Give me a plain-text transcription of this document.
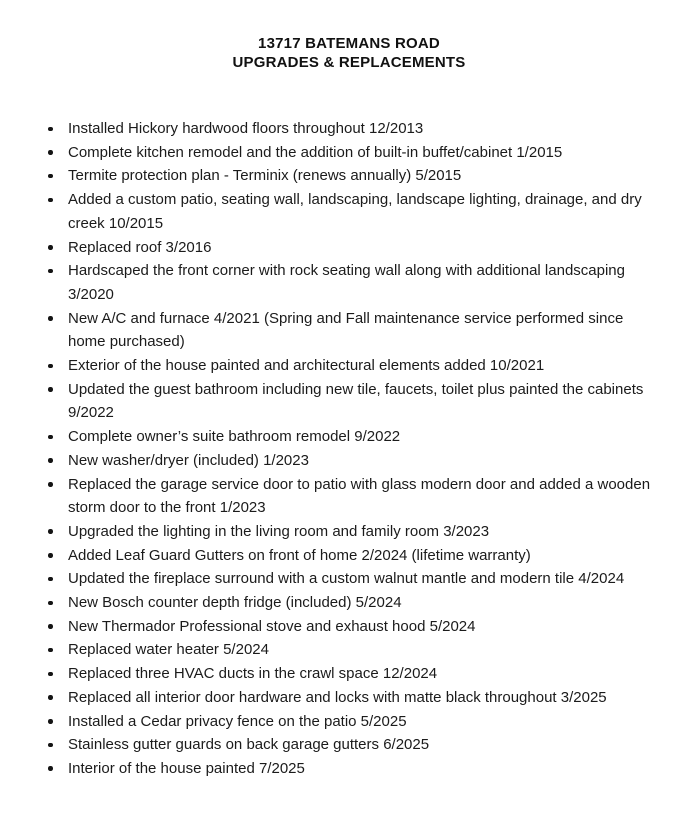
13717 BATEMANS ROAD
UPGRADES & REPLACEMENTS
Installed Hickory hardwood floors throughout 12/2013
Complete kitchen remodel and the addition of built-in buffet/cabinet 1/2015
Termite protection plan - Terminix (renews annually) 5/2015
Added a custom patio, seating wall, landscaping, landscape lighting, drainage, and dry creek 10/2015
Replaced roof 3/2016
Hardscaped the front corner with rock seating wall along with additional landscaping 3/2020
New A/C and furnace 4/2021 (Spring and Fall maintenance service performed since home purchased)
Exterior of the house painted and architectural elements added 10/2021
Updated the guest bathroom including new tile, faucets, toilet plus painted the cabinets 9/2022
Complete owner’s suite bathroom remodel 9/2022
New washer/dryer (included) 1/2023
Replaced the garage service door to patio with glass modern door and added a wooden storm door to the front 1/2023
Upgraded the lighting in the living room and family room 3/2023
Added Leaf Guard Gutters on front of home 2/2024 (lifetime warranty)
Updated the fireplace surround with a custom walnut mantle and modern tile 4/2024
New Bosch counter depth fridge (included) 5/2024
New Thermador Professional stove and exhaust hood 5/2024
Replaced water heater 5/2024
Replaced three HVAC ducts in the crawl space 12/2024
Replaced all interior door hardware and locks with matte black throughout 3/2025
Installed a Cedar privacy fence on the patio 5/2025
Stainless gutter guards on back garage gutters 6/2025
Interior of the house painted 7/2025
